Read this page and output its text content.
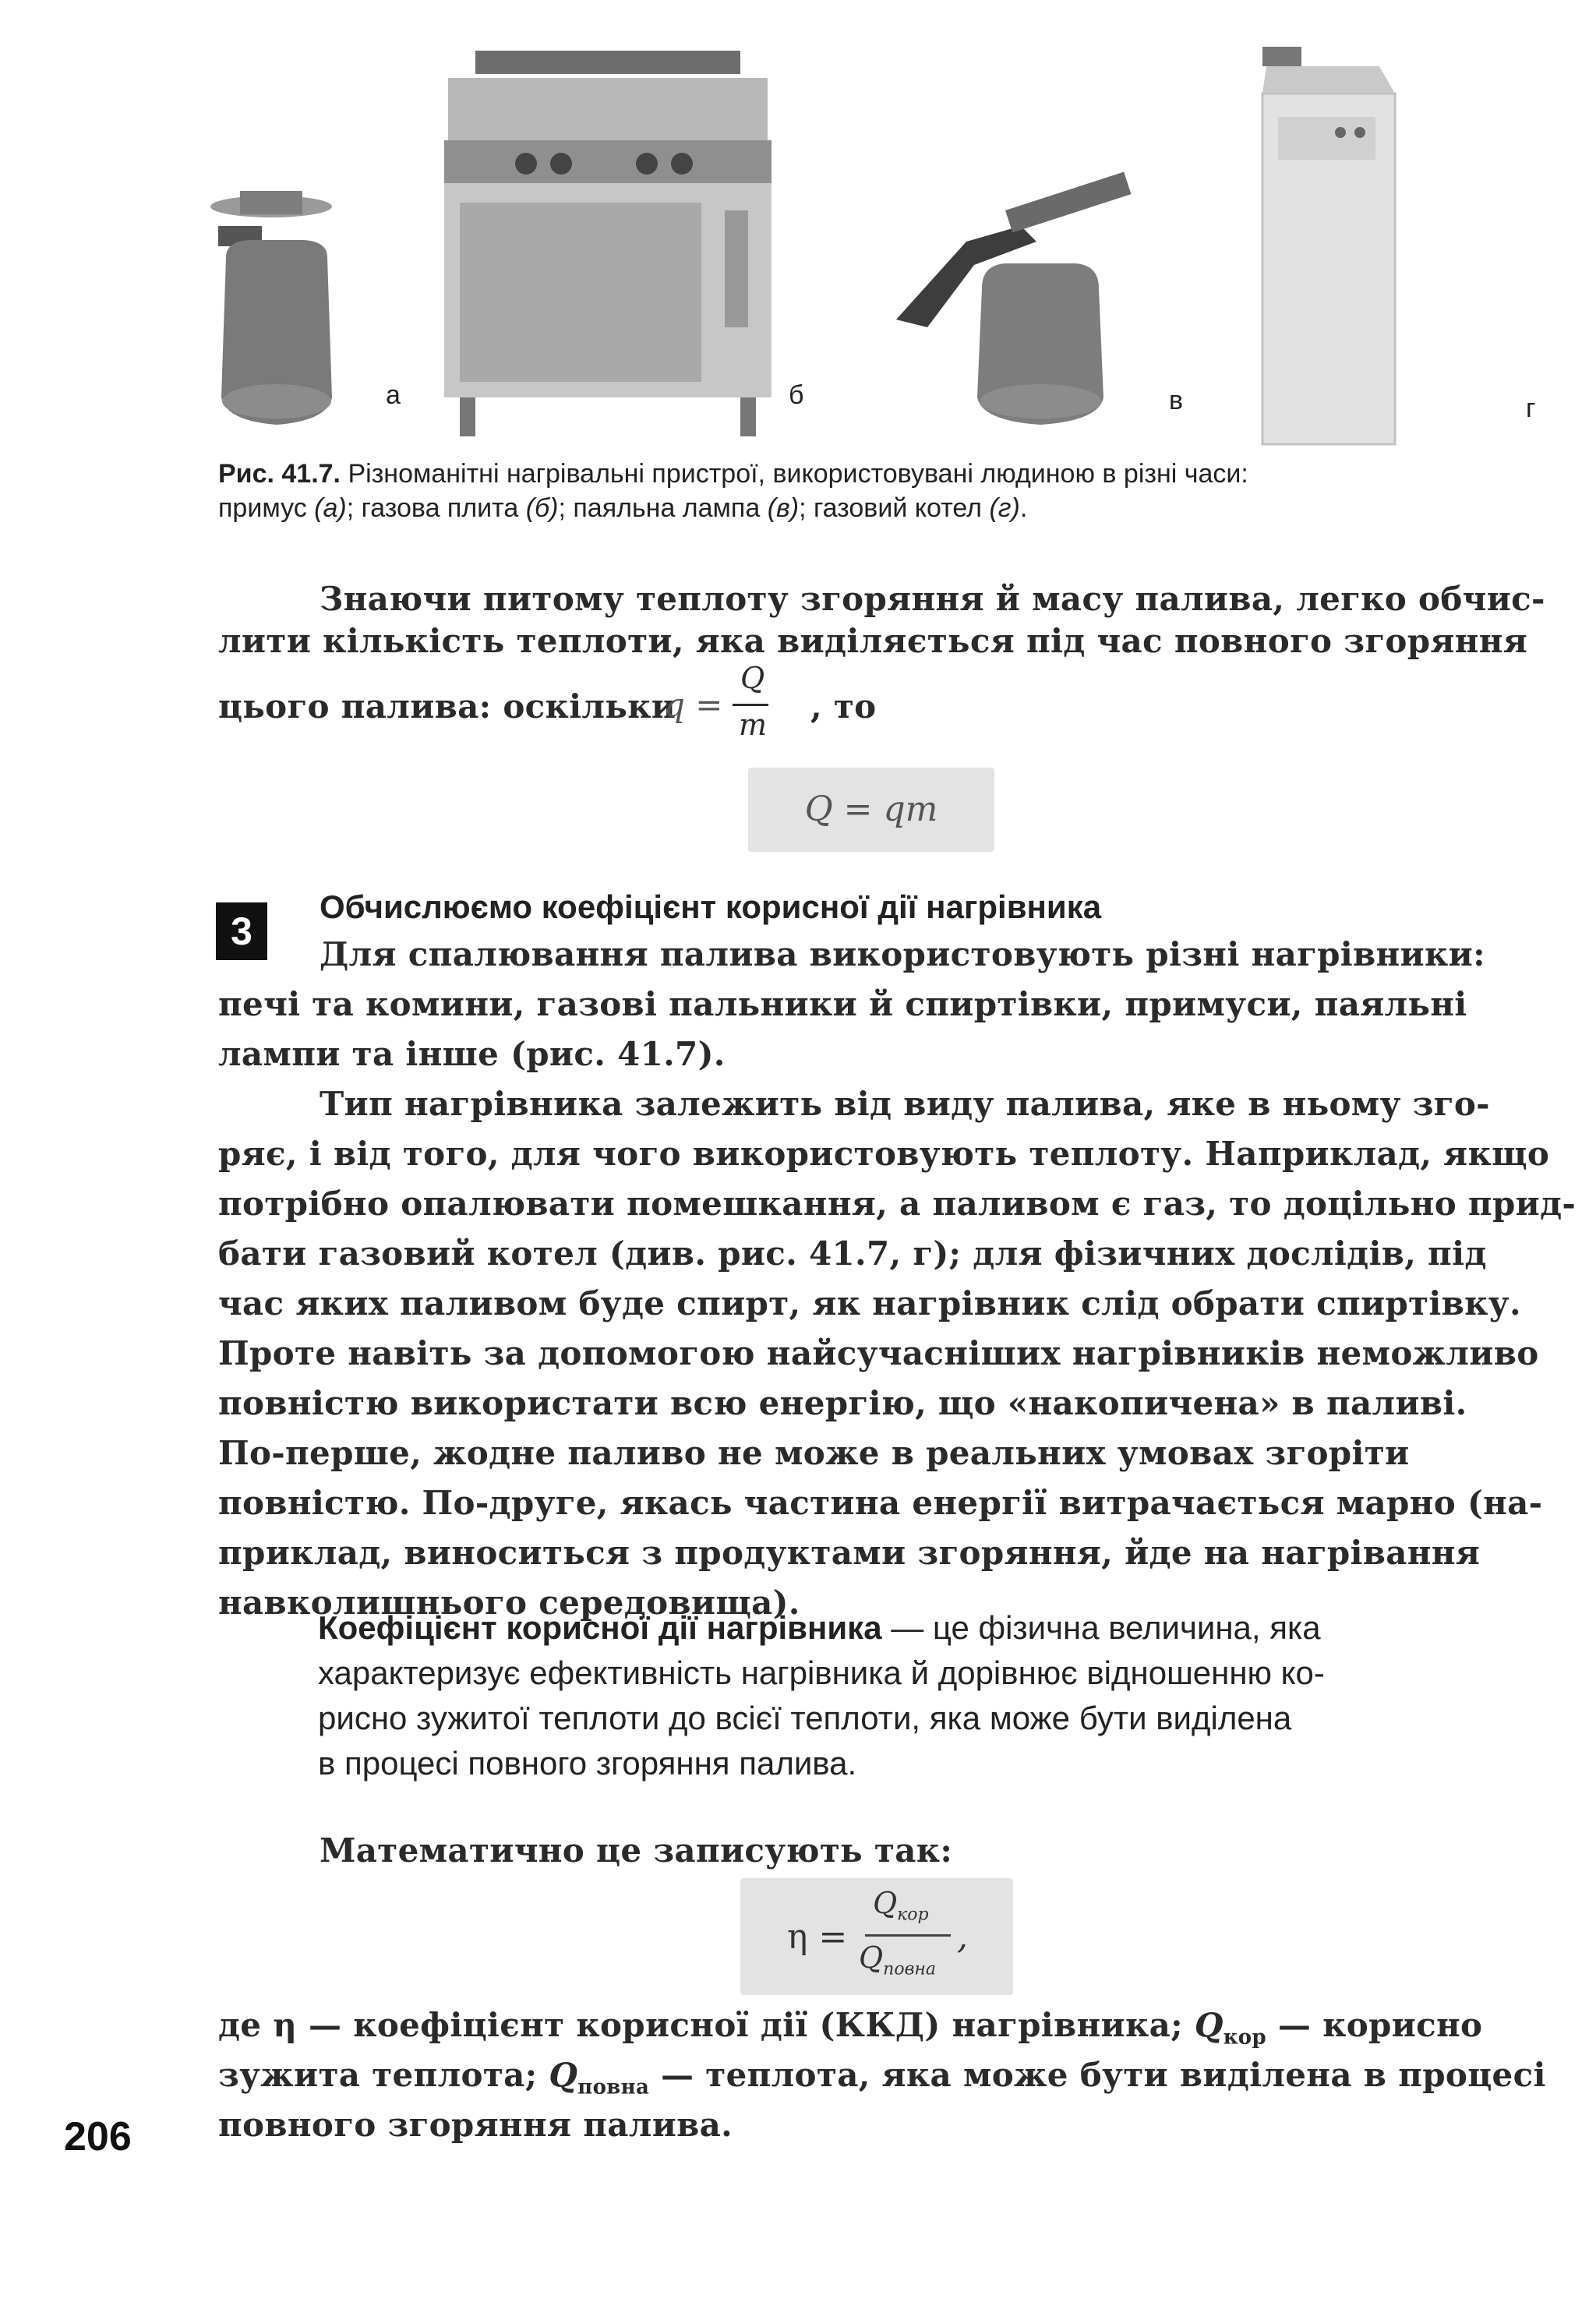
а	б	в	г
Рис. 41.7. Різноманітні нагрівальні пристрої, використовувані людиною в різні часи:
примус (а); газова плита (б); паяльна лампа (в); газовий котел (г).
Знаючи питому теплоту згоряння й масу палива, легко обчис-
лити кількість теплоти, яка виділяється під час повного згоряння
цього палива: оскільки
q =
Q
m , то
Q = qm
3
Обчислюємо коефіцієнт корисної дії нагрівника
Для спалювання палива використовують різні нагрівники:
печі та комини, газові пальники й спиртівки, примуси, паяльні
лампи та інше (рис. 41.7).
Тип нагрівника залежить від виду палива, яке в ньому зго-
ряє, і від того, для чого використовують теплоту. Наприклад, якщо
потрібно опалювати помешкання, а паливом є газ, то доцільно прид-
бати газовий котел (див. рис. 41.7, г); для фізичних дослідів, під
час яких паливом буде спирт, як нагрівник слід обрати спиртівку.
Проте навіть за допомогою найсучасніших нагрівників неможливо
повністю використати всю енергію, що «накопичена» в паливі.
По-перше, жодне паливо не може в реальних умовах згоріти
повністю. По-друге, якась частина енергії витрачається марно (на-
приклад, виноситься з продуктами згоряння, йде на нагрівання
навколишнього середовища).
Коефіцієнт корисної дії нагрівника — це фізична величина, яка
характеризує ефективність нагрівника й дорівнює відношенню ко-
рисно зужитої теплоти до всієї теплоти, яка може бути виділена
в процесі повного згоряння палива.
Математично це записують так:
η =
$Q_{кор}$
$Q_{повна}$
,
де η — коефіцієнт корисної дії (ККД) нагрівника; $Q_{кор}$ — корисно
зужита теплота; $Q_{повна}$ — теплота, яка може бути виділена в процесі
повного згоряння палива.
206
